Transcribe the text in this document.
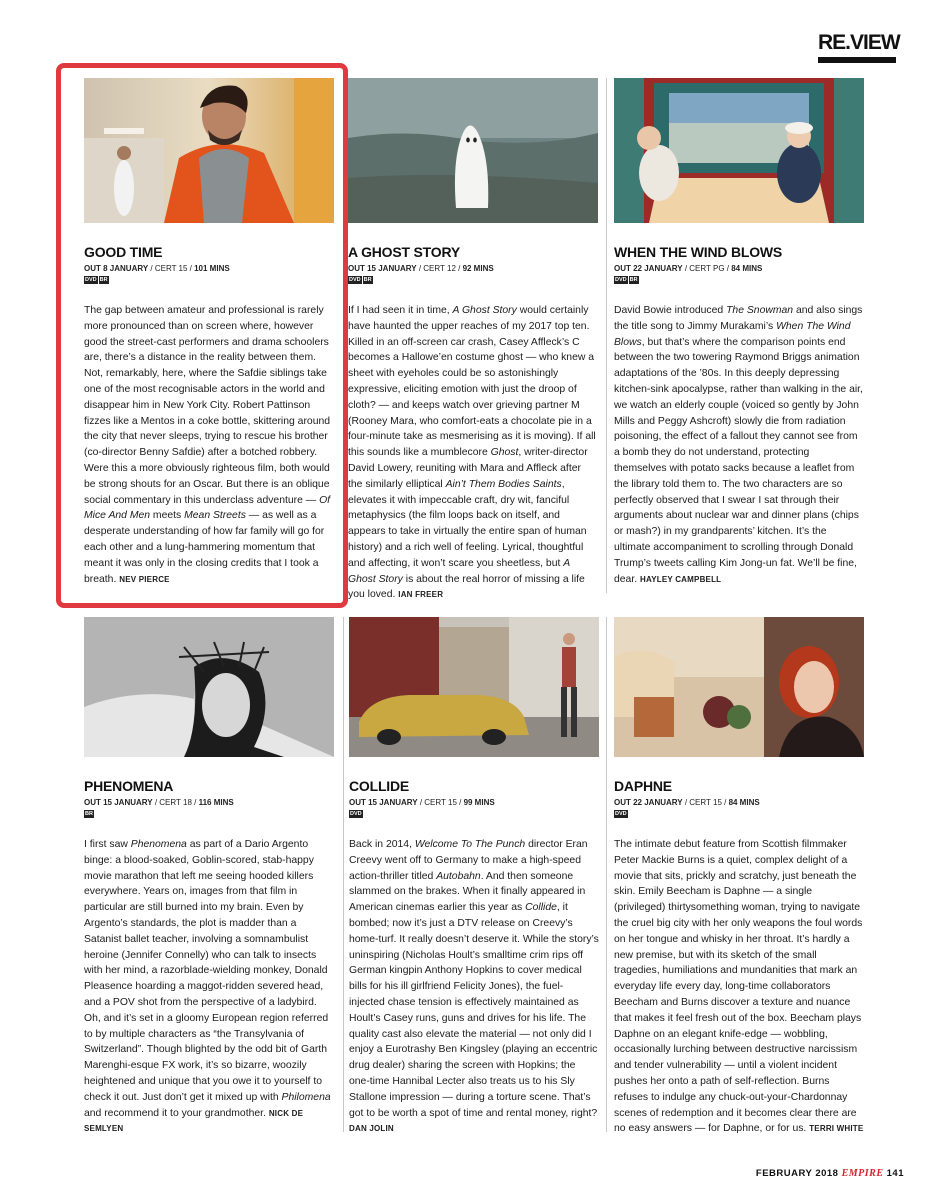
RE.VIEW
GOOD TIME
OUT 8 JANUARY / CERT 15 / 101 MINS
DVD BR
The gap between amateur and professional is rarely more pronounced than on screen where, however good the street-cast performers and drama schoolers are, there’s a distance in the reality between them. Not, remarkably, here, where the Safdie siblings take one of the most recognisable actors in the world and disappear him in New York City. Robert Pattinson fizzes like a Mentos in a coke bottle, skittering around the city that never sleeps, trying to rescue his brother (co-director Benny Safdie) after a botched robbery. Were this a more obviously righteous film, both would be strong shouts for an Oscar. But there is an oblique social commentary in this underclass adventure — Of Mice And Men meets Mean Streets — as well as a desperate understanding of how far family will go for each other and a lung-hammering momentum that meant it was only in the closing credits that I took a breath. NEV PIERCE
A GHOST STORY
OUT 15 JANUARY / CERT 12 / 92 MINS
DVD BR
If I had seen it in time, A Ghost Story would certainly have haunted the upper reaches of my 2017 top ten. Killed in an off-screen car crash, Casey Affleck’s C becomes a Hallowe’en costume ghost — who knew a sheet with eyeholes could be so astonishingly expressive, eliciting emotion with just the droop of cloth? — and keeps watch over grieving partner M (Rooney Mara, who comfort-eats a chocolate pie in a four-minute take as mesmerising as it is moving). If all this sounds like a mumblecore Ghost, writer-director David Lowery, reuniting with Mara and Affleck after the similarly elliptical Ain’t Them Bodies Saints, elevates it with impeccable craft, dry wit, fanciful metaphysics (the film loops back on itself, and appears to take in virtually the entire span of human history) and a rich well of feeling. Lyrical, thoughtful and affecting, it won’t scare you sheetless, but A Ghost Story is about the real horror of missing a life you loved. IAN FREER
WHEN THE WIND BLOWS
OUT 22 JANUARY / CERT PG / 84 MINS
DVD BR
David Bowie introduced The Snowman and also sings the title song to Jimmy Murakami’s When The Wind Blows, but that’s where the comparison points end between the two towering Raymond Briggs animation adaptations of the ’80s. In this deeply depressing kitchen-sink apocalypse, rather than walking in the air, we watch an elderly couple (voiced so gently by John Mills and Peggy Ashcroft) slowly die from radiation poisoning, the effect of a fallout they cannot see from a bomb they do not understand, protecting themselves with potato sacks because a leaflet from the library told them to. The two characters are so perfectly observed that I swear I sat through their arguments about nuclear war and dinner plans (chips or mash?) in my grandparents’ kitchen. It’s the ultimate accompaniment to scrolling through Donald Trump’s tweets calling Kim Jong-un fat. We’ll be fine, dear. HAYLEY CAMPBELL
PHENOMENA
OUT 15 JANUARY / CERT 18 / 116 MINS
BR
I first saw Phenomena as part of a Dario Argento binge: a blood-soaked, Goblin-scored, stab-happy movie marathon that left me seeing hooded killers everywhere. Years on, images from that film in particular are still burned into my brain. Even by Argento’s standards, the plot is madder than a Satanist ballet teacher, involving a somnambulist heroine (Jennifer Connelly) who can talk to insects with her mind, a razorblade-wielding monkey, Donald Pleasence hoarding a maggot-ridden severed head, and a POV shot from the perspective of a ladybird. Oh, and it’s set in a gloomy European region referred to by multiple characters as “the Transylvania of Switzerland”. Though blighted by the odd bit of Garth Marenghi-esque FX work, it’s so bizarre, woozily heightened and unique that you owe it to yourself to check it out. Just don’t get it mixed up with Philomena and recommend it to your grandmother. NICK DE SEMLYEN
COLLIDE
OUT 15 JANUARY / CERT 15 / 99 MINS
DVD
Back in 2014, Welcome To The Punch director Eran Creevy went off to Germany to make a high-speed action-thriller titled Autobahn. And then someone slammed on the brakes. When it finally appeared in American cinemas earlier this year as Collide, it bombed; now it’s just a DTV release on Creevy’s home-turf. It really doesn’t deserve it. While the story’s uninspiring (Nicholas Hoult’s smalltime crim rips off German kingpin Anthony Hopkins to cover medical bills for his ill girlfriend Felicity Jones), the fuel-injected chase tension is effectively maintained as Hoult’s Casey runs, guns and drives for his life. The quality cast also elevate the material — not only did I enjoy a Eurotrashy Ben Kingsley (playing an eccentric drug dealer) sharing the screen with Hopkins; the one-time Hannibal Lecter also treats us to his Sly Stallone impression — during a torture scene. That’s got to be worth a spot of time and rental money, right? DAN JOLIN
DAPHNE
OUT 22 JANUARY / CERT 15 / 84 MINS
DVD
The intimate debut feature from Scottish filmmaker Peter Mackie Burns is a quiet, complex delight of a movie that sits, prickly and scratchy, just beneath the skin. Emily Beecham is Daphne — a single (privileged) thirtysomething woman, trying to navigate the cruel big city with her only weapons the foul words on her tongue and whisky in her throat. It’s hardly a new premise, but with its sketch of the small tragedies, humiliations and mundanities that mark an everyday life every day, long-time collaborators Beecham and Burns discover a texture and nuance that makes it feel fresh out of the box. Beecham plays Daphne on an elegant knife-edge — wobbling, occasionally lurching between destructive narcissism and tender vulnerability — until a violent incident pushes her onto a path of self-reflection. Burns refuses to indulge any chuck-out-your-Chardonnay scenes of redemption and it becomes clear there are no easy answers — for Daphne, or for us. TERRI WHITE
FEBRUARY 2018 EMPIRE 141
